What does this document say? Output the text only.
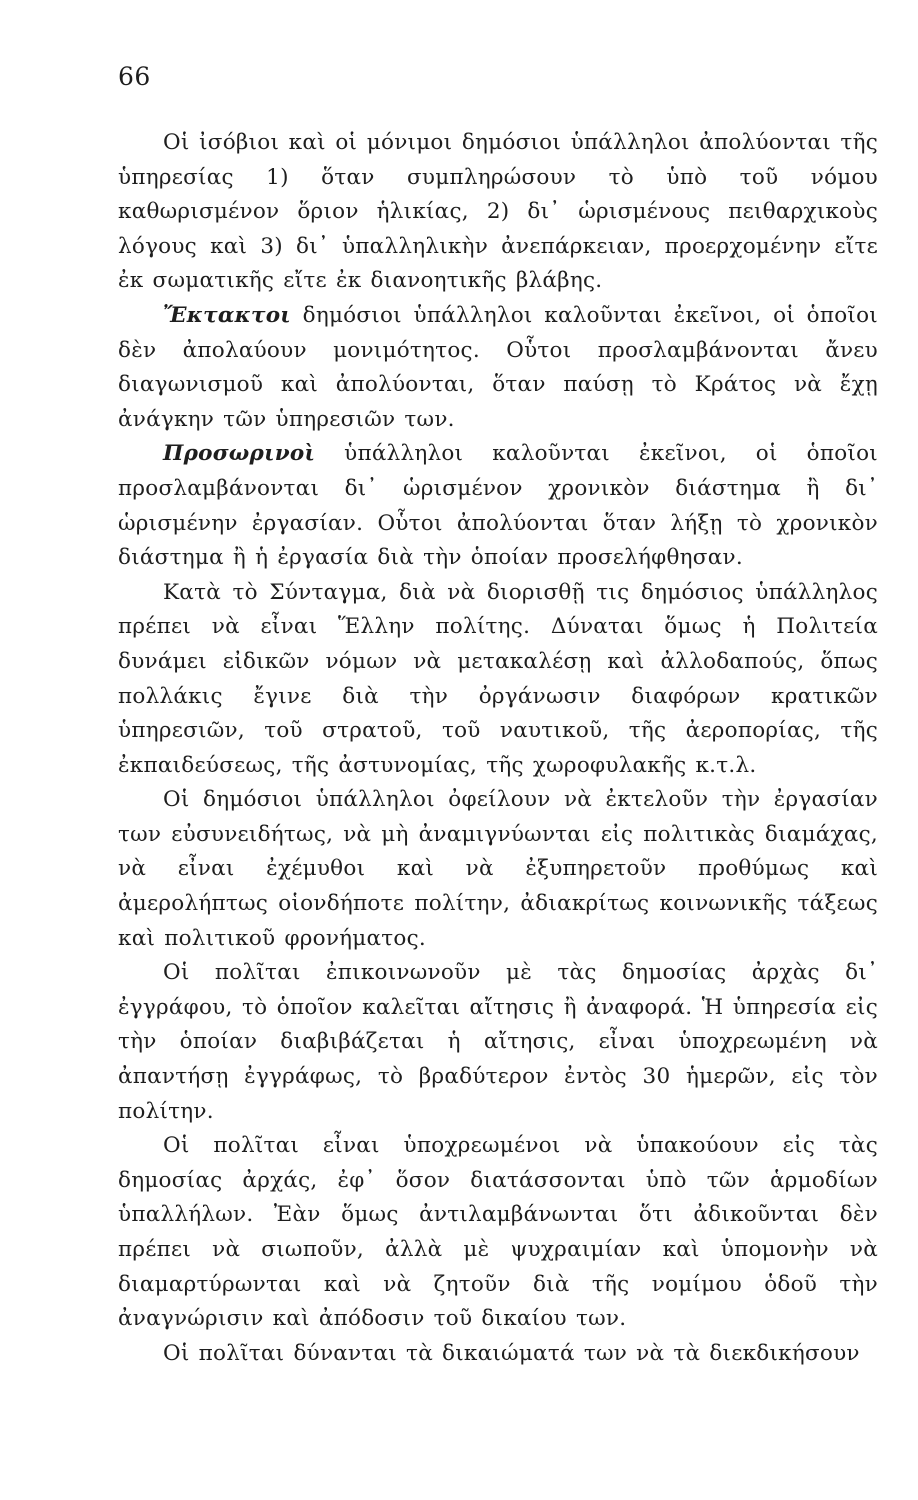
66

Οἱ ἰσόβιοι καὶ οἱ μόνιμοι δημόσιοι ὑπάλληλοι ἀπολύονται τῆς ὑπηρεσίας 1) ὅταν συμπληρώσουν τὸ ὑπὸ τοῦ νόμου καθωρισμένον ὅριον ἡλικίας, 2) δι᾽ ὡρισμένους πειθαρχικοὺς λόγους καὶ 3) δι᾽ ὑπαλληλικὴν ἀνεπάρκειαν, προερχομένην εἴτε ἐκ σωματικῆς εἴτε ἐκ διανοητικῆς βλάβης.

Ἔκτακτοι δημόσιοι ὑπάλληλοι καλοῦνται ἐκεῖνοι, οἱ ὁποῖοι δὲν ἀπολαύουν μονιμότητος. Οὗτοι προσλαμβάνονται ἄνευ διαγωνισμοῦ καὶ ἀπολύονται, ὅταν παύσῃ τὸ Κράτος νὰ ἔχῃ ἀνάγκην τῶν ὑπηρεσιῶν των.

Προσωρινοὶ ὑπάλληλοι καλοῦνται ἐκεῖνοι, οἱ ὁποῖοι προσλαμβάνονται δι᾽ ὡρισμένον χρονικὸν διάστημα ἢ δι᾽ ὡρισμένην ἐργασίαν. Οὗτοι ἀπολύονται ὅταν λήξῃ τὸ χρονικὸν διάστημα ἢ ἡ ἐργασία διὰ τὴν ὁποίαν προσελήφθησαν.

Κατὰ τὸ Σύνταγμα, διὰ νὰ διορισθῇ τις δημόσιος ὑπάλληλος πρέπει νὰ εἶναι Ἕλλην πολίτης. Δύναται ὅμως ἡ Πολιτεία δυνάμει εἰδικῶν νόμων νὰ μετακαλέσῃ καὶ ἀλλοδαπούς, ὅπως πολλάκις ἔγινε διὰ τὴν ὀργάνωσιν διαφόρων κρατικῶν ὑπηρεσιῶν, τοῦ στρατοῦ, τοῦ ναυτικοῦ, τῆς ἀεροπορίας, τῆς ἐκπαιδεύσεως, τῆς ἀστυνομίας, τῆς χωροφυλακῆς κ.τ.λ.

Οἱ δημόσιοι ὑπάλληλοι ὀφείλουν νὰ ἐκτελοῦν τὴν ἐργασίαν των εὐσυνειδήτως, νὰ μὴ ἀναμιγνύωνται εἰς πολιτικὰς διαμάχας, νὰ εἶναι ἐχέμυθοι καὶ νὰ ἐξυπηρετοῦν προθύμως καὶ ἀμερολήπτως οἱονδήποτε πολίτην, ἀδιακρίτως κοινωνικῆς τάξεως καὶ πολιτικοῦ φρονήματος.

Οἱ πολῖται ἐπικοινωνοῦν μὲ τὰς δημοσίας ἀρχὰς δι᾽ ἐγγράφου, τὸ ὁποῖον καλεῖται αἴτησις ἢ ἀναφορά. Ἡ ὑπηρεσία εἰς τὴν ὁποίαν διαβιβάζεται ἡ αἴτησις, εἶναι ὑποχρεωμένη νὰ ἀπαντήσῃ ἐγγράφως, τὸ βραδύτερον ἐντὸς 30 ἡμερῶν, εἰς τὸν πολίτην.

Οἱ πολῖται εἶναι ὑποχρεωμένοι νὰ ὑπακούουν εἰς τὰς δημοσίας ἀρχάς, ἐφ᾽ ὅσον διατάσσονται ὑπὸ τῶν ἁρμοδίων ὑπαλλήλων. Ἐὰν ὅμως ἀντιλαμβάνωνται ὅτι ἀδικοῦνται δὲν πρέπει νὰ σιωποῦν, ἀλλὰ μὲ ψυχραιμίαν καὶ ὑπομονὴν νὰ διαμαρτύρωνται καὶ νὰ ζητοῦν διὰ τῆς νομίμου ὁδοῦ τὴν ἀναγνώρισιν καὶ ἀπόδοσιν τοῦ δικαίου των.

Οἱ πολῖται δύνανται τὰ δικαιώματά των νὰ τὰ διεκδικήσουν
